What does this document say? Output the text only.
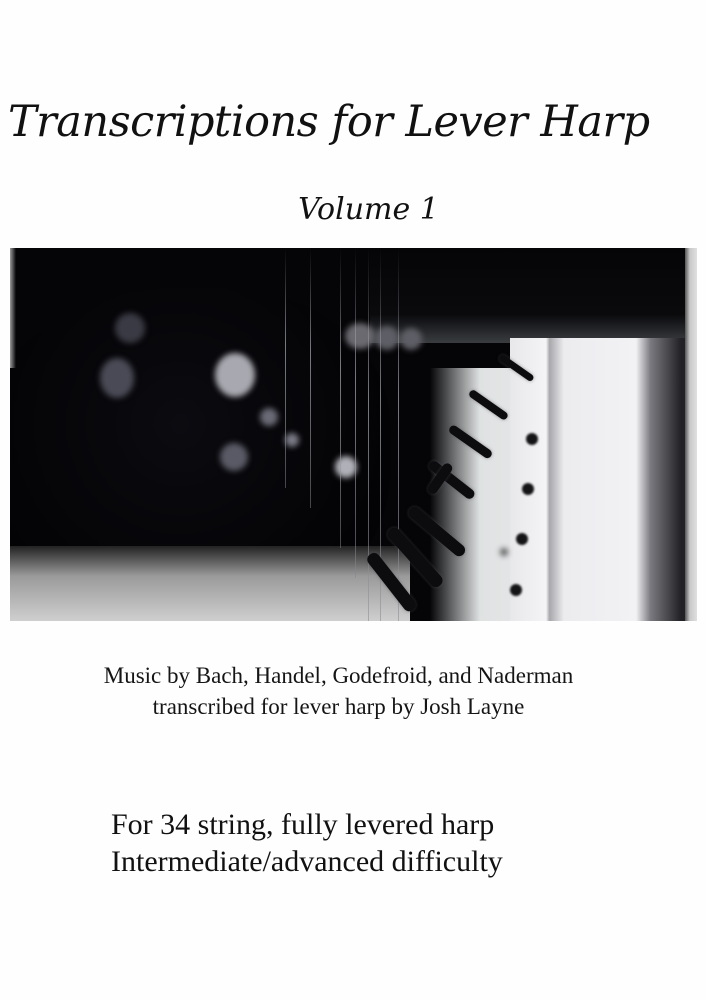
Transcriptions for Lever Harp
Volume 1
Music by Bach, Handel, Godefroid, and Naderman
transcribed for lever harp by Josh Layne
For 34 string, fully levered harp
Intermediate/advanced difficulty
